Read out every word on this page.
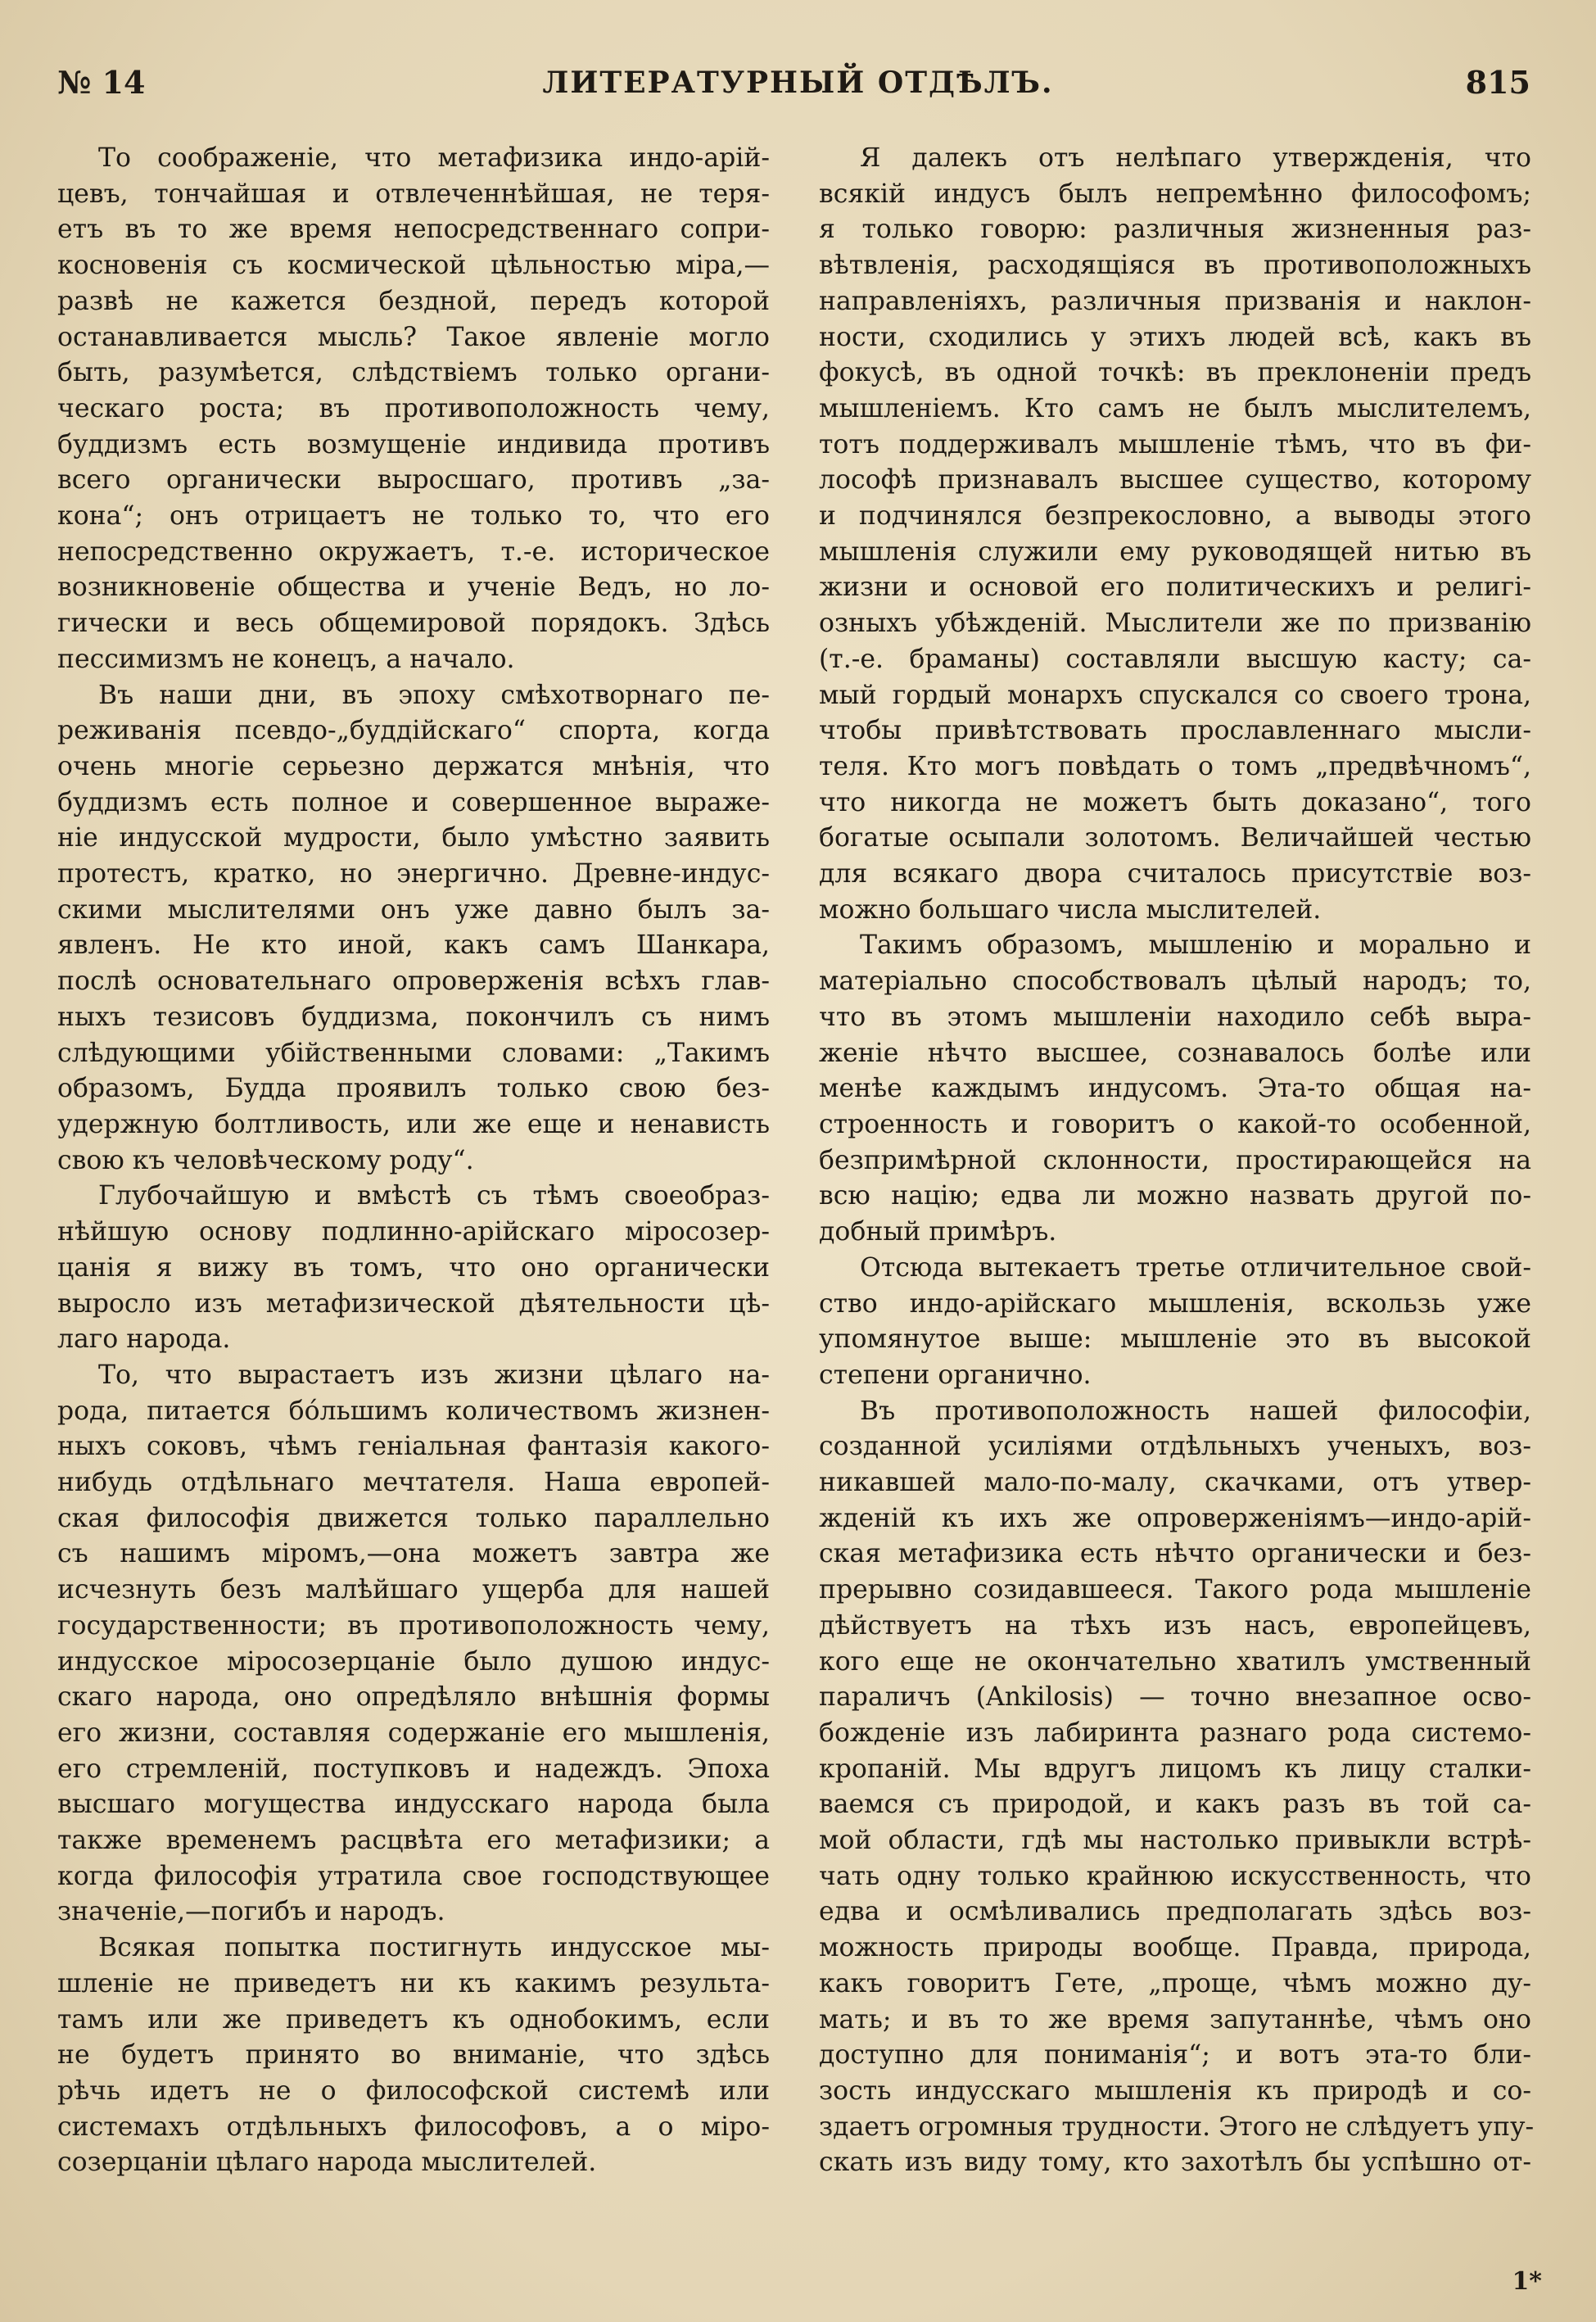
№ 14	ЛИТЕРАТУРНЫЙ ОТДѢЛЪ.	815
То соображеніе, что метафизика индо-арій-
цевъ, тончайшая и отвлеченнѣйшая, не теря-
етъ въ то же время непосредственнаго сопри-
косновенія съ космической цѣльностью міра,—
развѣ не кажется бездной, передъ которой
останавливается мысль? Такое явленіе могло
быть, разумѣется, слѣдствіемъ только органи-
ческаго роста; въ противоположность чему,
буддизмъ есть возмущеніе индивида противъ
всего органически выросшаго, противъ „за-
кона“; онъ отрицаетъ не только то, что его
непосредственно окружаетъ, т.-е. историческое
возникновеніе общества и ученіе Ведъ, но ло-
гически и весь общемировой порядокъ. Здѣсь
пессимизмъ не конецъ, а начало.
Въ наши дни, въ эпоху смѣхотворнаго пе-
реживанія псевдо-„буддійскаго“ спорта, когда
очень многіе серьезно держатся мнѣнія, что
буддизмъ есть полное и совершенное выраже-
ніе индусской мудрости, было умѣстно заявить
протестъ, кратко, но энергично. Древне-индус-
скими мыслителями онъ уже давно былъ за-
явленъ. Не кто иной, какъ самъ Шанкара,
послѣ основательнаго опроверженія всѣхъ глав-
ныхъ тезисовъ буддизма, покончилъ съ нимъ
слѣдующими убійственными словами: „Такимъ
образомъ, Будда проявилъ только свою без-
удержную болтливость, или же еще и ненависть
свою къ человѣческому роду“.
Глубочайшую и вмѣстѣ съ тѣмъ своеобраз-
нѣйшую основу подлинно-арійскаго міросозер-
цанія я вижу въ томъ, что оно органически
выросло изъ метафизической дѣятельности цѣ-
лаго народа.
То, что вырастаетъ изъ жизни цѣлаго на-
рода, питается бо́льшимъ количествомъ жизнен-
ныхъ соковъ, чѣмъ геніальная фантазія какого-
нибудь отдѣльнаго мечтателя. Наша европей-
ская философія движется только параллельно
съ нашимъ міромъ,—она можетъ завтра же
исчезнуть безъ малѣйшаго ущерба для нашей
государственности; въ противоположность чему,
индусское міросозерцаніе было душою индус-
скаго народа, оно опредѣляло внѣшнія формы
его жизни, составляя содержаніе его мышленія,
его стремленій, поступковъ и надеждъ. Эпоха
высшаго могущества индусскаго народа была
также временемъ расцвѣта его метафизики; а
когда философія утратила свое господствующее
значеніе,—погибъ и народъ.
Всякая попытка постигнуть индусское мы-
шленіе не приведетъ ни къ какимъ результа-
тамъ или же приведетъ къ однобокимъ, если
не будетъ принято во вниманіе, что здѣсь
рѣчь идетъ не о философской системѣ или
системахъ отдѣльныхъ философовъ, а о міро-
созерцаніи цѣлаго народа мыслителей.
Я далекъ отъ нелѣпаго утвержденія, что
всякій индусъ былъ непремѣнно философомъ;
я только говорю: различныя жизненныя раз-
вѣтвленія, расходящіяся въ противоположныхъ
направленіяхъ, различныя призванія и наклон-
ности, сходились у этихъ людей всѣ, какъ въ
фокусѣ, въ одной точкѣ: въ преклоненіи предъ
мышленіемъ. Кто самъ не былъ мыслителемъ,
тотъ поддерживалъ мышленіе тѣмъ, что въ фи-
лософѣ признавалъ высшее существо, которому
и подчинялся безпрекословно, а выводы этого
мышленія служили ему руководящей нитью въ
жизни и основой его политическихъ и религі-
озныхъ убѣжденій. Мыслители же по призванію
(т.-е. браманы) составляли высшую касту; са-
мый гордый монархъ спускался со своего трона,
чтобы привѣтствовать прославленнаго мысли-
теля. Кто могъ повѣдать о томъ „предвѣчномъ“,
что никогда не можетъ быть доказано“, того
богатые осыпали золотомъ. Величайшей честью
для всякаго двора считалось присутствіе воз-
можно большаго числа мыслителей.
Такимъ образомъ, мышленію и морально и
матеріально способствовалъ цѣлый народъ; то,
что въ этомъ мышленіи находило себѣ выра-
женіе нѣчто высшее, сознавалось болѣе или
менѣе каждымъ индусомъ. Эта-то общая на-
строенность и говоритъ о какой-то особенной,
безпримѣрной склонности, простирающейся на
всю націю; едва ли можно назвать другой по-
добный примѣръ.
Отсюда вытекаетъ третье отличительное свой-
ство индо-арійскаго мышленія, вскользь уже
упомянутое выше: мышленіе это въ высокой
степени органично.
Въ противоположность нашей философіи,
созданной усиліями отдѣльныхъ ученыхъ, воз-
никавшей мало-по-малу, скачками, отъ утвер-
жденій къ ихъ же опроверженіямъ—индо-арій-
ская метафизика есть нѣчто органически и без-
прерывно созидавшееся. Такого рода мышленіе
дѣйствуетъ на тѣхъ изъ насъ, европейцевъ,
кого еще не окончательно хватилъ умственный
параличъ (Ankilosis) — точно внезапное осво-
божденіе изъ лабиринта разнаго рода системо-
кропаній. Мы вдругъ лицомъ къ лицу сталки-
ваемся съ природой, и какъ разъ въ той са-
мой области, гдѣ мы настолько привыкли встрѣ-
чать одну только крайнюю искусственность, что
едва и осмѣливались предполагать здѣсь воз-
можность природы вообще. Правда, природа,
какъ говоритъ Гете, „проще, чѣмъ можно ду-
мать; и въ то же время запутаннѣе, чѣмъ оно
доступно для пониманія“; и вотъ эта-то бли-
зость индусскаго мышленія къ природѣ и со-
здаетъ огромныя трудности. Этого не слѣдуетъ упу-
скать изъ виду тому, кто захотѣлъ бы успѣшно от-
1*
